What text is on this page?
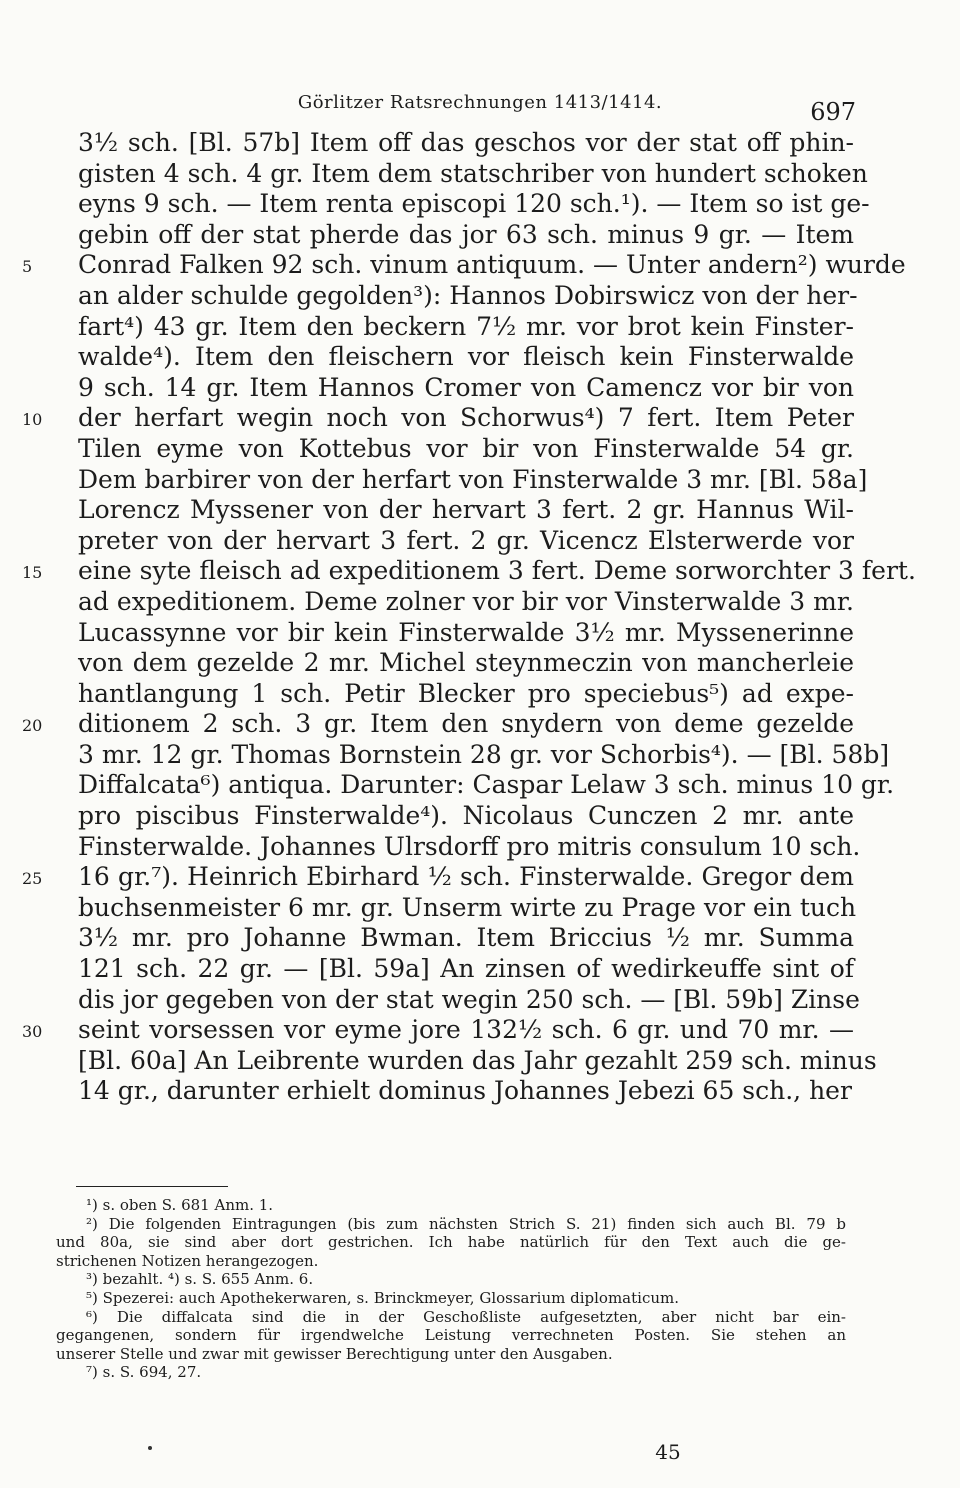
Görlitzer Ratsrechnungen 1413/1414.	697
3½ sch. [Bl. 57b] Item off das geschos vor der stat off phin-
gisten 4 sch. 4 gr. Item dem statschriber von hundert schoken
eyns 9 sch. — Item renta episcopi 120 sch.¹). — Item so ist ge-
gebin off der stat pherde das jor 63 sch. minus 9 gr. — Item
5	Conrad Falken 92 sch. vinum antiquum. — Unter andern²) wurde
an alder schulde gegolden³): Hannos Dobirswicz von der her-
fart⁴) 43 gr. Item den beckern 7½ mr. vor brot kein Finster-
walde⁴). Item den fleischern vor fleisch kein Finsterwalde
9 sch. 14 gr. Item Hannos Cromer von Camencz vor bir von
10	der herfart wegin noch von Schorwus⁴) 7 fert. Item Peter
Tilen eyme von Kottebus vor bir von Finsterwalde 54 gr.
Dem barbirer von der herfart von Finsterwalde 3 mr. [Bl. 58a]
Lorencz Myssener von der hervart 3 fert. 2 gr. Hannus Wil-
preter von der hervart 3 fert. 2 gr. Vicencz Elsterwerde vor
15	eine syte fleisch ad expeditionem 3 fert. Deme sorworchter 3 fert.
ad expeditionem. Deme zolner vor bir vor Vinsterwalde 3 mr.
Lucassynne vor bir kein Finsterwalde 3½ mr. Myssenerinne
von dem gezelde 2 mr. Michel steynmeczin von mancherleie
hantlangung 1 sch. Petir Blecker pro speciebus⁵) ad expe-
20	ditionem 2 sch. 3 gr. Item den snydern von deme gezelde
3 mr. 12 gr. Thomas Bornstein 28 gr. vor Schorbis⁴). — [Bl. 58b]
Diffalcata⁶) antiqua. Darunter: Caspar Lelaw 3 sch. minus 10 gr.
pro piscibus Finsterwalde⁴). Nicolaus Cunczen 2 mr. ante
Finsterwalde. Johannes Ulrsdorff pro mitris consulum 10 sch.
25	16 gr.⁷). Heinrich Ebirhard ½ sch. Finsterwalde. Gregor dem
buchsenmeister 6 mr. gr. Unserm wirte zu Prage vor ein tuch
3½ mr. pro Johanne Bwman. Item Briccius ½ mr. Summa
121 sch. 22 gr. — [Bl. 59a] An zinsen of wedirkeuffe sint of
dis jor gegeben von der stat wegin 250 sch. — [Bl. 59b] Zinse
30	seint vorsessen vor eyme jore 132½ sch. 6 gr. und 70 mr. —
[Bl. 60a] An Leibrente wurden das Jahr gezahlt 259 sch. minus
14 gr., darunter erhielt dominus Johannes Jebezi 65 sch., her
¹) s. oben S. 681 Anm. 1.
²) Die folgenden Eintragungen (bis zum nächsten Strich S. 21) finden sich auch Bl. 79 b
und 80a, sie sind aber dort gestrichen. Ich habe natürlich für den Text auch die ge-
strichenen Notizen herangezogen.
³) bezahlt. ⁴) s. S. 655 Anm. 6.
⁵) Spezerei: auch Apothekerwaren, s. Brinckmeyer, Glossarium diplomaticum.
⁶) Die diffalcata sind die in der Geschoßliste aufgesetzten, aber nicht bar ein-
gegangenen, sondern für irgendwelche Leistung verrechneten Posten. Sie stehen an
unserer Stelle und zwar mit gewisser Berechtigung unter den Ausgaben.
⁷) s. S. 694, 27.
45
